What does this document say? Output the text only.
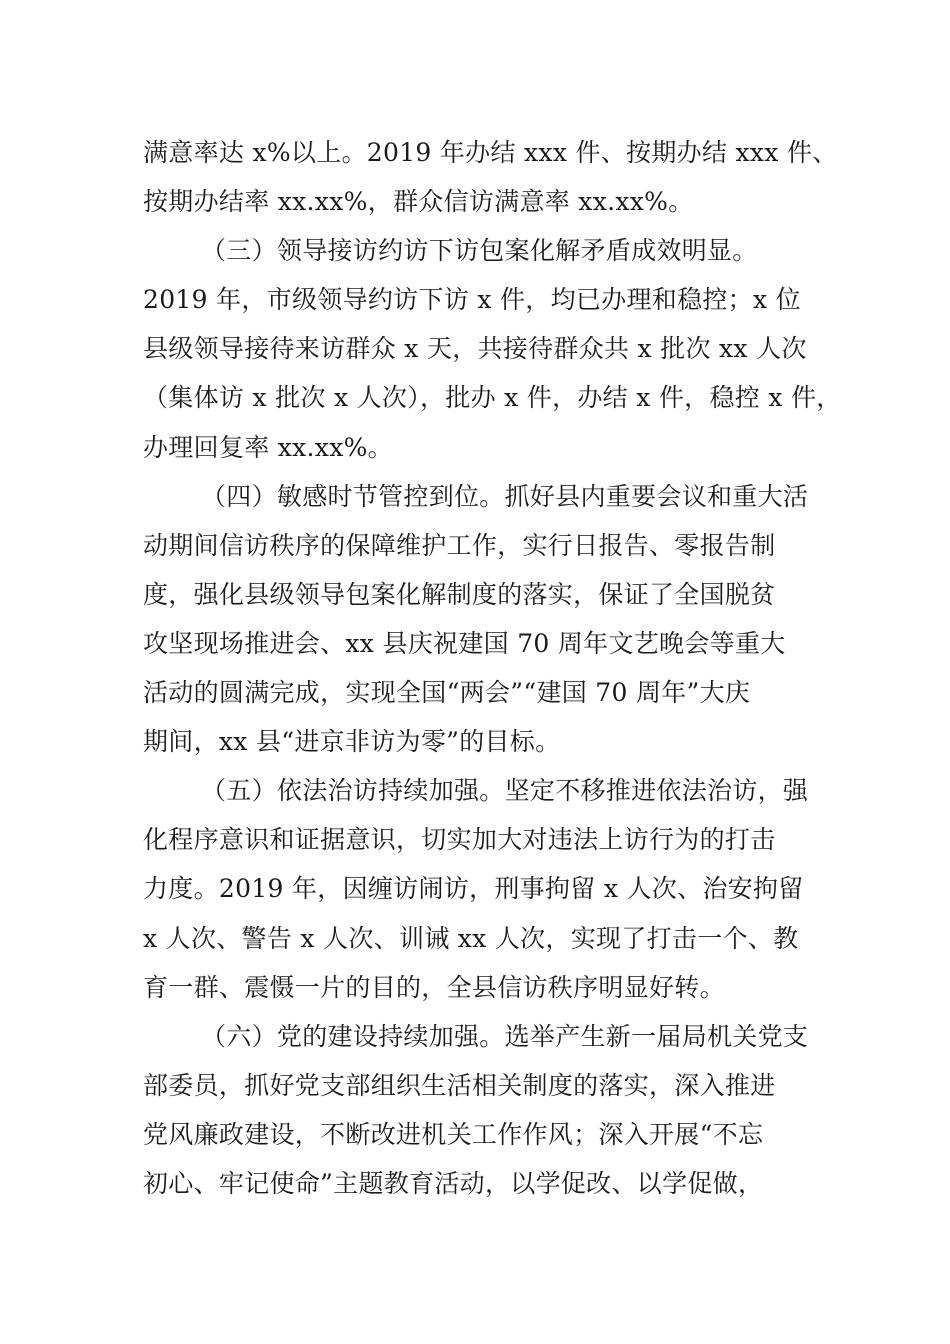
满意率达 x%以上。2019 年办结 xxx 件、按期办结 xxx 件、
按期办结率 xx.xx%，群众信访满意率 xx.xx%。
（三）领导接访约访下访包案化解矛盾成效明显。
2019 年，市级领导约访下访 x 件，均已办理和稳控；x 位
县级领导接待来访群众 x 天，共接待群众共 x 批次 xx 人次
（集体访 x 批次 x 人次），批办 x 件，办结 x 件，稳控 x 件，
办理回复率 xx.xx%。
（四）敏感时节管控到位。抓好县内重要会议和重大活
动期间信访秩序的保障维护工作，实行日报告、零报告制
度，强化县级领导包案化解制度的落实，保证了全国脱贫
攻坚现场推进会、xx 县庆祝建国 70 周年文艺晚会等重大
活动的圆满完成，实现全国“两会”“建国 70 周年”大庆
期间，xx 县“进京非访为零”的目标。
（五）依法治访持续加强。坚定不移推进依法治访，强
化程序意识和证据意识，切实加大对违法上访行为的打击
力度。2019 年，因缠访闹访，刑事拘留 x 人次、治安拘留
x 人次、警告 x 人次、训诫 xx 人次，实现了打击一个、教
育一群、震慑一片的目的，全县信访秩序明显好转。
（六）党的建设持续加强。选举产生新一届局机关党支
部委员，抓好党支部组织生活相关制度的落实，深入推进
党风廉政建设，不断改进机关工作作风；深入开展“不忘
初心、牢记使命”主题教育活动，以学促改、以学促做，
